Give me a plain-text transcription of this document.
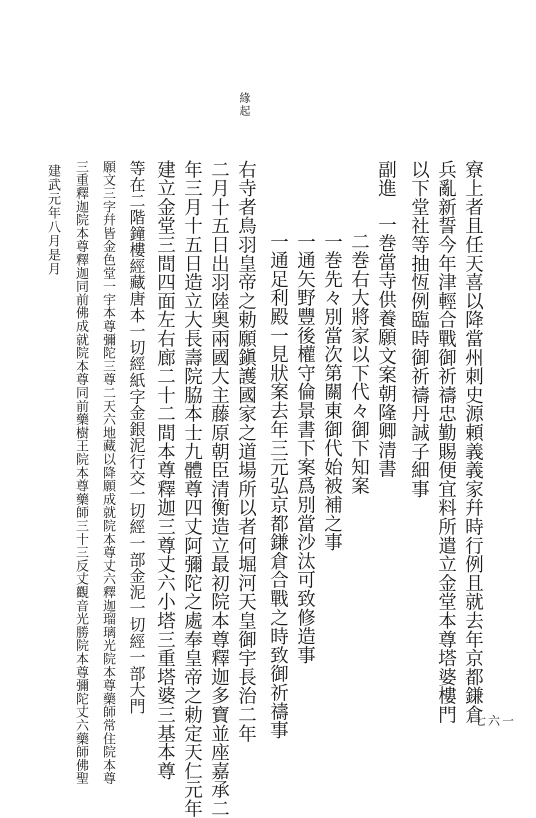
緣起
寮上者且任天喜以降當州刺史源頼義義家幷時行例且就去年京都鎌倉
兵亂新誓今年津輕合戰御祈禱忠勤賜便宜料所遣立金堂本尊塔婆樓門
以下堂社等抽恆例臨時御祈禱丹誠子細事
副進
一巻當寺供養願文案朝隆卿清書
二巻右大將家以下代々御下知案
一巻先々別當次第關東御代始被補之事
一通矢野豐後權守倫景書下案爲別當沙汰可致修造事
一通足利殿一見狀案去年三元弘京都鎌倉合戰之時致御祈禱事
右寺者鳥羽皇帝之勅願鎭護國家之道場所以者何堀河天皇御宇長治二年
二月十五日出羽陸奥兩國大主藤原朝臣清衡造立最初院本尊釋迦多寶並座嘉承二
年三月十五日造立大長壽院脇本士九體尊四丈阿彌陀之處奉皇帝之勅定天仁元年
建立金堂三間四面左右廊二十二間本尊釋迦三尊丈六小塔三重塔婆三基本尊
等在二階鐘樓經藏唐本一切經紙字金銀泥行交一切經一部金泥一切經一部大門
願文三字幷皆金色堂一宇本尊彌陀三尊二天六地藏以降願成就院本尊丈六釋迦瑠璃光院本尊藥師常住院本尊
三重釋迦院本尊釋迦同前佛成就院本尊同前藥樹王院本尊藥師三十三反丈觀音光勝院本尊彌陀丈六藥師佛聖
建武元年八月是月
七六一
